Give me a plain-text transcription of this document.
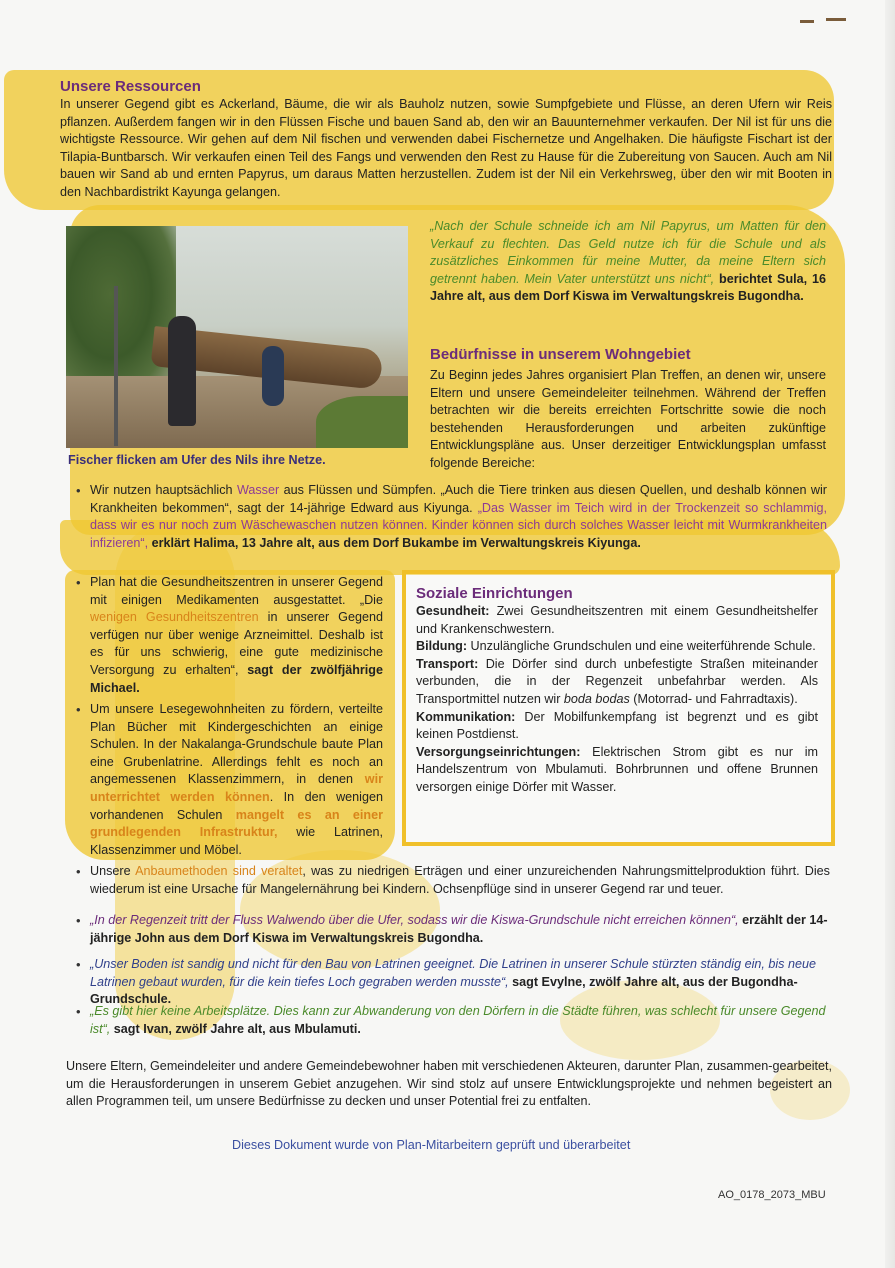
Unsere Ressourcen

In unserer Gegend gibt es Ackerland, Bäume, die wir als Bauholz nutzen, sowie Sumpfgebiete und Flüsse, an deren Ufern wir Reis pflanzen. Außerdem fangen wir in den Flüssen Fische und bauen Sand ab, den wir an Bauunternehmer verkaufen. Der Nil ist für uns die wichtigste Ressource. Wir gehen auf dem Nil fischen und verwenden dabei Fischernetze und Angelhaken. Die häufigste Fischart ist der Tilapia-Buntbarsch. Wir verkaufen einen Teil des Fangs und verwenden den Rest zu Hause für die Zubereitung von Saucen. Auch am Nil bauen wir Sand ab und ernten Papyrus, um daraus Matten herzustellen. Zudem ist der Nil ein Verkehrsweg, über den wir mit Booten in den Nachbardistrikt Kayunga gelangen.

Fischer flicken am Ufer des Nils ihre Netze.

„Nach der Schule schneide ich am Nil Papyrus, um Matten für den Verkauf zu flechten. Das Geld nutze ich für die Schule und als zusätzliches Einkommen für meine Mutter, da meine Eltern sich getrennt haben. Mein Vater unterstützt uns nicht“, berichtet Sula, 16 Jahre alt, aus dem Dorf Kiswa im Verwaltungskreis Bugondha.

Bedürfnisse in unserem Wohngebiet

Zu Beginn jedes Jahres organisiert Plan Treffen, an denen wir, unsere Eltern und unsere Gemeindeleiter teilnehmen. Während der Treffen betrachten wir die bereits erreichten Fortschritte sowie die noch bestehenden Herausforderungen und arbeiten zukünftige Entwicklungspläne aus. Unser derzeitiger Entwicklungsplan umfasst folgende Bereiche:

• Wir nutzen hauptsächlich Wasser aus Flüssen und Sümpfen. „Auch die Tiere trinken aus diesen Quellen, und deshalb können wir Krankheiten bekommen“, sagt der 14-jährige Edward aus Kiyunga. „Das Wasser im Teich wird in der Trockenzeit so schlammig, dass wir es nur noch zum Wäschewaschen nutzen können. Kinder können sich durch solches Wasser leicht mit Wurmkrankheiten infizieren“, erklärt Halima, 13 Jahre alt, aus dem Dorf Bukambe im Verwaltungskreis Kiyunga.

• Plan hat die Gesundheitszentren in unserer Gegend mit einigen Medikamenten ausgestattet. „Die wenigen Gesundheitszentren in unserer Gegend verfügen nur über wenige Arzneimittel. Deshalb ist es für uns schwierig, eine gute medizinische Versorgung zu erhalten“, sagt der zwölfjährige Michael.

• Um unsere Lesegewohnheiten zu fördern, verteilte Plan Bücher mit Kindergeschichten an einige Schulen. In der Nakalanga-Grundschule baute Plan eine Grubenlatrine. Allerdings fehlt es noch an angemessenen Klassenzimmern, in denen wir unterrichtet werden können. In den wenigen vorhandenen Schulen mangelt es an einer grundlegenden Infrastruktur, wie Latrinen, Klassenzimmer und Möbel.

Soziale Einrichtungen

Gesundheit: Zwei Gesundheitszentren mit einem Gesundheitshelfer und Krankenschwestern.

Bildung: Unzulängliche Grundschulen und eine weiterführende Schule.

Transport: Die Dörfer sind durch unbefestigte Straßen miteinander verbunden, die in der Regenzeit unbefahrbar werden. Als Transportmittel nutzen wir boda bodas (Motorrad- und Fahrradtaxis).

Kommunikation: Der Mobilfunkempfang ist begrenzt und es gibt keinen Postdienst.

Versorgungseinrichtungen: Elektrischen Strom gibt es nur im Handelszentrum von Mbulamuti. Bohrbrunnen und offene Brunnen versorgen einige Dörfer mit Wasser.

• Unsere Anbaumethoden sind veraltet, was zu niedrigen Erträgen und einer unzureichenden Nahrungsmittelproduktion führt. Dies wiederum ist eine Ursache für Mangelernährung bei Kindern. Ochsenpflüge sind in unserer Gegend rar und teuer.

• „In der Regenzeit tritt der Fluss Walwendo über die Ufer, sodass wir die Kiswa-Grundschule nicht erreichen können“, erzählt der 14-jährige John aus dem Dorf Kiswa im Verwaltungskreis Bugondha.

• „Unser Boden ist sandig und nicht für den Bau von Latrinen geeignet. Die Latrinen in unserer Schule stürzten ständig ein, bis neue Latrinen gebaut wurden, für die kein tiefes Loch gegraben werden musste“, sagt Evylne, zwölf Jahre alt, aus der Bugondha-Grundschule.

• „Es gibt hier keine Arbeitsplätze. Dies kann zur Abwanderung von den Dörfern in die Städte führen, was schlecht für unsere Gegend ist“, sagt Ivan, zwölf Jahre alt, aus Mbulamuti.

Unsere Eltern, Gemeindeleiter und andere Gemeindebewohner haben mit verschiedenen Akteuren, darunter Plan, zusammen-gearbeitet, um die Herausforderungen in unserem Gebiet anzugehen. Wir sind stolz auf unsere Entwicklungsprojekte und nehmen begeistert an allen Programmen teil, um unsere Bedürfnisse zu decken und unser Potential frei zu entfalten.

Dieses Dokument wurde von Plan-Mitarbeitern geprüft und überarbeitet

AO_0178_2073_MBU
